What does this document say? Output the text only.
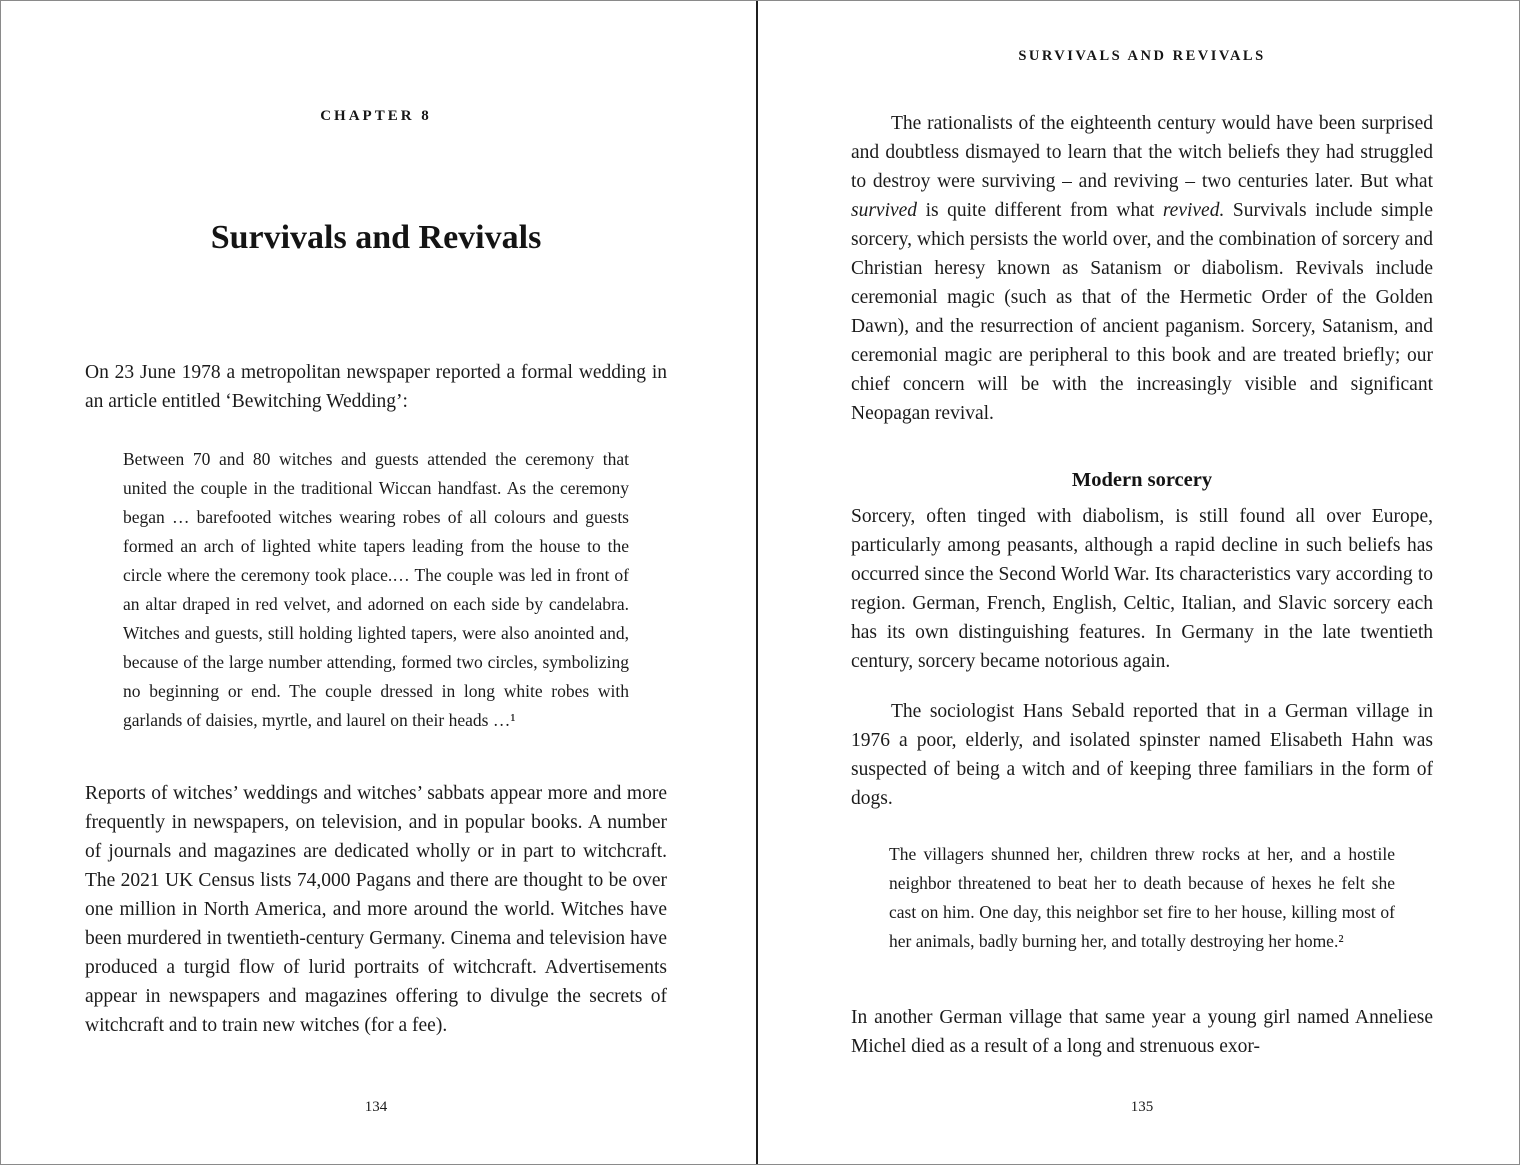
CHAPTER 8
Survivals and Revivals

On 23 June 1978 a metropolitan newspaper reported a formal wedding in an article entitled ‘Bewitching Wedding’:

Between 70 and 80 witches and guests attended the ceremony that united the couple in the traditional Wiccan handfast. As the ceremony began … barefooted witches wearing robes of all colours and guests formed an arch of lighted white tapers leading from the house to the circle where the ceremony took place.… The couple was led in front of an altar draped in red velvet, and adorned on each side by candelabra. Witches and guests, still holding lighted tapers, were also anointed and, because of the large number attending, formed two circles, symbolizing no beginning or end. The couple dressed in long white robes with garlands of daisies, myrtle, and laurel on their heads …¹

Reports of witches’ weddings and witches’ sabbats appear more and more frequently in newspapers, on television, and in popular books. A number of journals and magazines are dedicated wholly or in part to witchcraft. The 2021 UK Census lists 74,000 Pagans and there are thought to be over one million in North America, and more around the world. Witches have been murdered in twentieth-century Germany. Cinema and television have produced a turgid flow of lurid portraits of witchcraft. Advertisements appear in newspapers and magazines offering to divulge the secrets of witchcraft and to train new witches (for a fee).

134
SURVIVALS AND REVIVALS

The rationalists of the eighteenth century would have been surprised and doubtless dismayed to learn that the witch beliefs they had struggled to destroy were surviving – and reviving – two centuries later. But what survived is quite different from what revived. Survivals include simple sorcery, which persists the world over, and the combination of sorcery and Christian heresy known as Satanism or diabolism. Revivals include ceremonial magic (such as that of the Hermetic Order of the Golden Dawn), and the resurrection of ancient paganism. Sorcery, Satanism, and ceremonial magic are peripheral to this book and are treated briefly; our chief concern will be with the increasingly visible and significant Neopagan revival.

Modern sorcery

Sorcery, often tinged with diabolism, is still found all over Europe, particularly among peasants, although a rapid decline in such beliefs has occurred since the Second World War. Its characteristics vary according to region. German, French, English, Celtic, Italian, and Slavic sorcery each has its own distinguishing features. In Germany in the late twentieth century, sorcery became notorious again.

The sociologist Hans Sebald reported that in a German village in 1976 a poor, elderly, and isolated spinster named Elisabeth Hahn was suspected of being a witch and of keeping three familiars in the form of dogs.

The villagers shunned her, children threw rocks at her, and a hostile neighbor threatened to beat her to death because of hexes he felt she cast on him. One day, this neighbor set fire to her house, killing most of her animals, badly burning her, and totally destroying her home.²

In another German village that same year a young girl named Anneliese Michel died as a result of a long and strenuous exor-

135
